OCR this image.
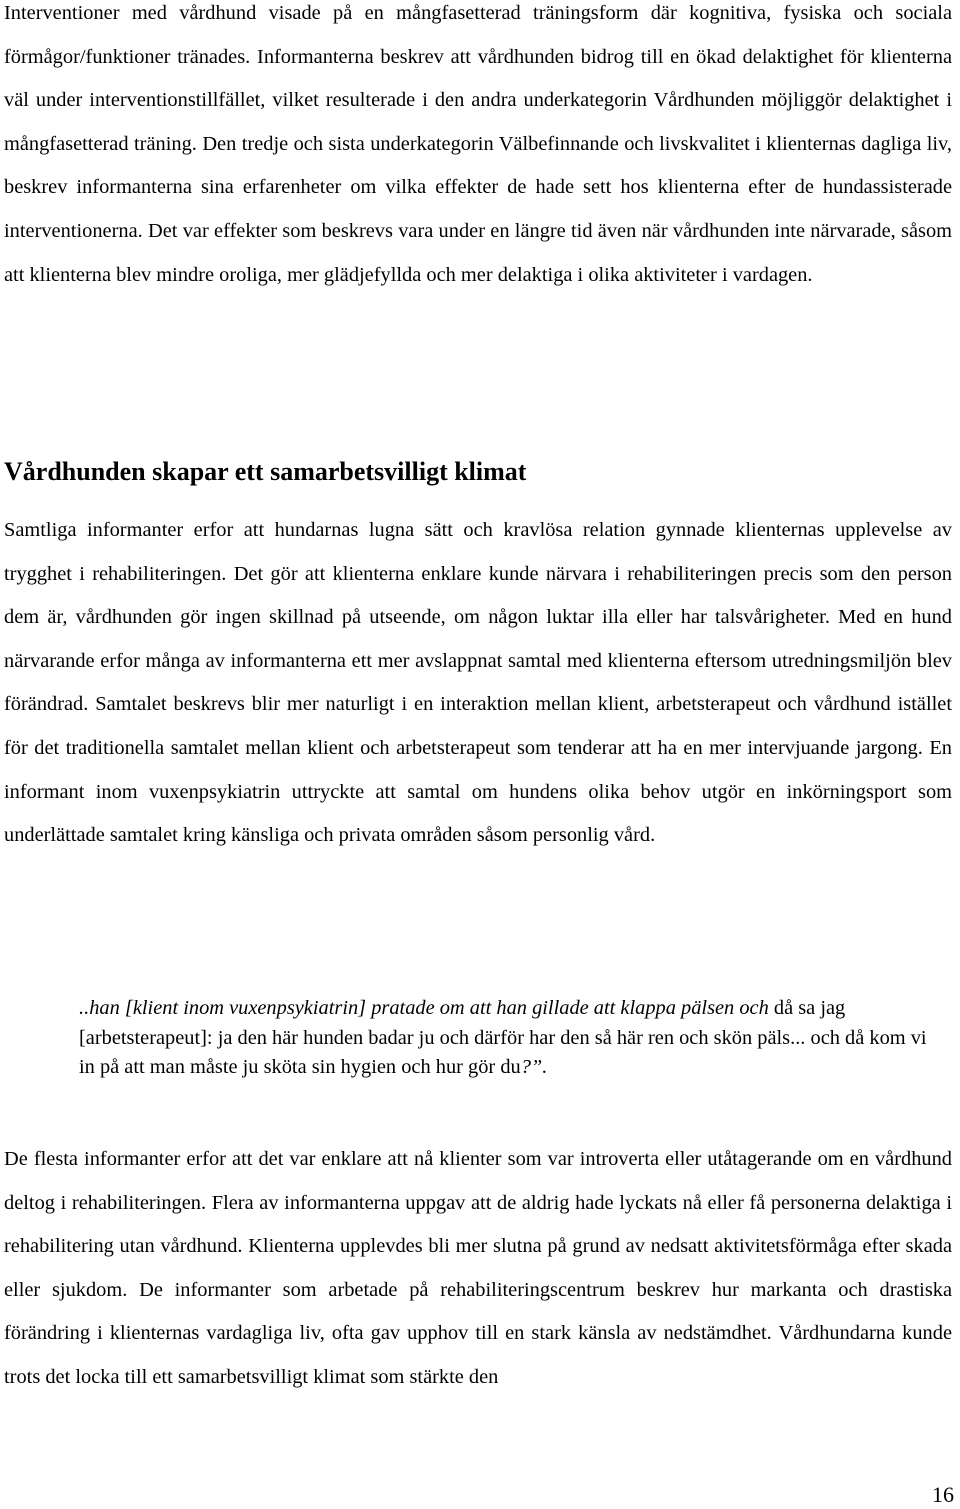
Interventioner med vårdhund visade på en mångfasetterad träningsform där kognitiva, fysiska och sociala förmågor/funktioner tränades. Informanterna beskrev att vårdhunden bidrog till en ökad delaktighet för klienterna väl under interventionstillfället, vilket resulterade i den andra underkategorin Vårdhunden möjliggör delaktighet i mångfasetterad träning. Den tredje och sista underkategorin Välbefinnande och livskvalitet i klienternas dagliga liv, beskrev informanterna sina erfarenheter om vilka effekter de hade sett hos klienterna efter de hundassisterade interventionerna. Det var effekter som beskrevs vara under en längre tid även när vårdhunden inte närvarade, såsom att klienterna blev mindre oroliga, mer glädjefyllda och mer delaktiga i olika aktiviteter i vardagen.

Vårdhunden skapar ett samarbetsvilligt klimat

Samtliga informanter erfor att hundarnas lugna sätt och kravlösa relation gynnade klienternas upplevelse av trygghet i rehabiliteringen. Det gör att klienterna enklare kunde närvara i rehabiliteringen precis som den person dem är, vårdhunden gör ingen skillnad på utseende, om någon luktar illa eller har talsvårigheter. Med en hund närvarande erfor många av informanterna ett mer avslappnat samtal med klienterna eftersom utredningsmiljön blev förändrad. Samtalet beskrevs blir mer naturligt i en interaktion mellan klient, arbetsterapeut och vårdhund istället för det traditionella samtalet mellan klient och arbetsterapeut som tenderar att ha en mer intervjuande jargong. En informant inom vuxenpsykiatrin uttryckte att samtal om hundens olika behov utgör en inkörningsport som underlättade samtalet kring känsliga och privata områden såsom personlig vård.

..han [klient inom vuxenpsykiatrin] pratade om att han gillade att klappa pälsen och då sa jag [arbetsterapeut]: ja den här hunden badar ju och därför har den så här ren och skön päls... och då kom vi in på att man måste ju sköta sin hygien och hur gör du?”.

De flesta informanter erfor att det var enklare att nå klienter som var introverta eller utåtagerande om en vårdhund deltog i rehabiliteringen. Flera av informanterna uppgav att de aldrig hade lyckats nå eller få personerna delaktiga i rehabilitering utan vårdhund. Klienterna upplevdes bli mer slutna på grund av nedsatt aktivitetsförmåga efter skada eller sjukdom. De informanter som arbetade på rehabiliteringscentrum beskrev hur markanta och drastiska förändring i klienternas vardagliga liv, ofta gav upphov till en stark känsla av nedstämdhet. Vårdhundarna kunde trots det locka till ett samarbetsvilligt klimat som stärkte den

16
